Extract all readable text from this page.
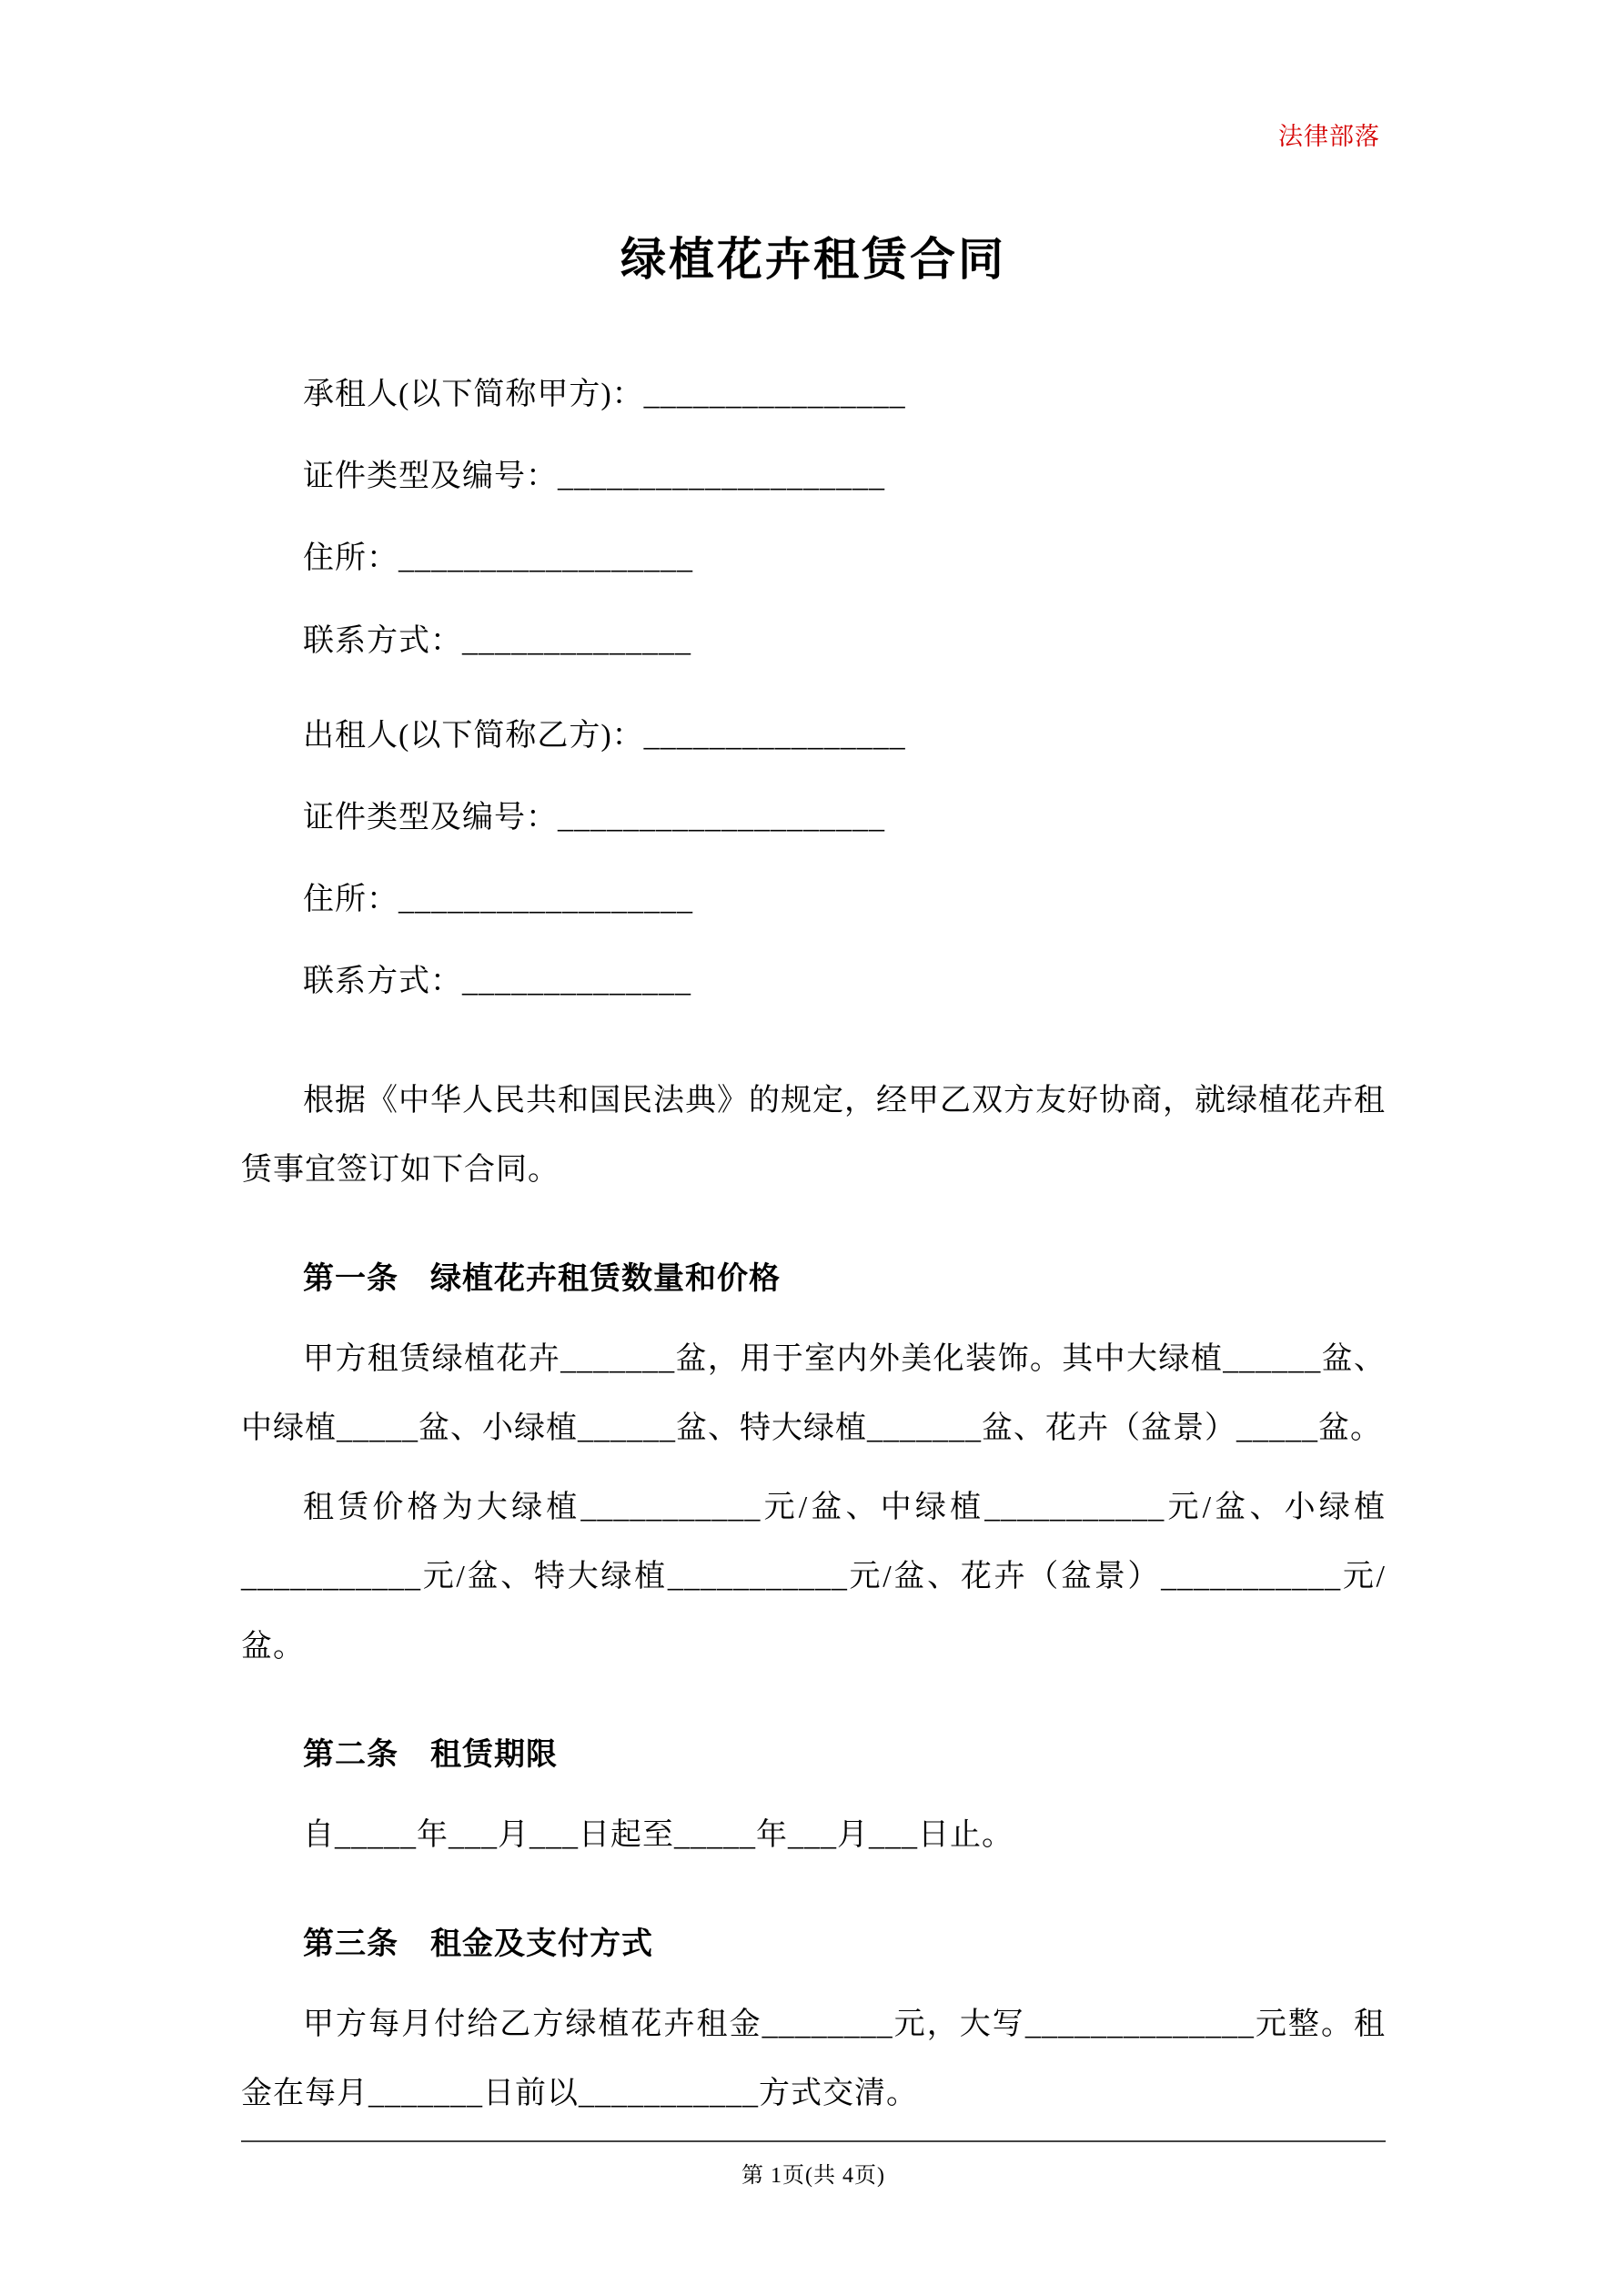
法律部落
绿植花卉租赁合同

承租人(以下简称甲方)：________________

证件类型及编号：____________________

住所：__________________

联系方式：______________

出租人(以下简称乙方)：________________

证件类型及编号：____________________

住所：__________________

联系方式：______________

根据《中华人民共和国民法典》的规定，经甲乙双方友好协商，就绿植花卉租赁事宜签订如下合同。

第一条　绿植花卉租赁数量和价格

甲方租赁绿植花卉_______盆，用于室内外美化装饰。其中大绿植______盆、中绿植_____盆、小绿植______盆、特大绿植_______盆、花卉（盆景）_____盆。

租赁价格为大绿植___________元/盆、中绿植___________元/盆、小绿植___________元/盆、特大绿植___________元/盆、花卉（盆景）___________元/盆。

第二条　租赁期限

自_____年___月___日起至_____年___月___日止。

第三条　租金及支付方式

甲方每月付给乙方绿植花卉租金________元，大写______________元整。租金在每月_______日前以___________方式交清。

第 1页(共 4页)
